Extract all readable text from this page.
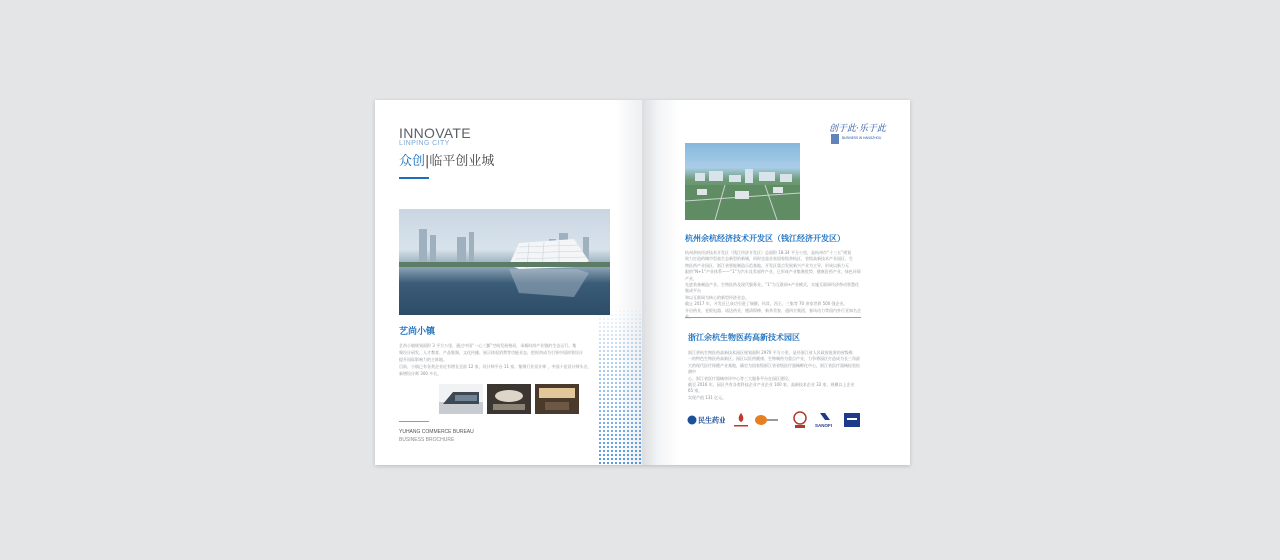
INNOVATE
LINPING CITY
众创|临平创业城
艺尚小镇
艺尚小镇规划面积 3 平方公里，通过中国“一心三翼”空间发展格局，承载时尚产业链的生态运行。集
聚设计研发、人才教育、产品集聚、文化传播、展示体验消费等功能业态，把时尚成为引领中国时装设计
提升国际影响力的主阵地。
目前，小镇已有各类企业近有增长至前 12 家，设计师平台 11 家，集聚行业设计师 ，中国十佳设计师头名，
新增设计师 300 多名。
YUHANG COMMERCE BUREAU
BUSINESS BROCHURE
创于此·乐于此
BUSINESS IN HANGZHOU
杭州余杭经济技术开发区（钱江经济开发区）
杭州余杭经济技术开发区（钱江经济开发区）总面积 18.34 平方公里，是杭州市“十三五”规划
致力打造的城市型高生态新型的新城，同时也是首家国家级余杭区、省级高新技术产业园区、生
物医药产业园区、浙江省智能制造示范基地。开发区重点发展新兴产业为主导，形成以新力无
限的“N+1”产业体系——“1”为汽车及零部件产业，已形成产业集聚优势，健康医药产业，绿色环保产业，
先进装备制造产业、生物医药及现代服务业。“1”为互联网+产业模式，实施互联网经济带动智慧化集成平台
和以互联网为核心的新型经济业态。
截止 2017 年，开发区已成功引进了瑞健、玛茸、西王、三集等 70 余家世界 500 强企业。
开启药业，老板电器，诺达药业，德清焊棒，新华美容，通四方集团，春风动力等国内外行业知名企
浙江余杭生物医药高新技术园区
浙江余杭生物医药高新技术园区规划面积 2970 平方公里，是经浙江省人民政府批准的省级唯
一的特色生物医药高新区。园区以医药健康、生物制药为重点产业，力争将园区打造成为长三角最
大的现代医疗保健产业基地，确定为国家级浙江省省级医疗器械孵化中心，浙江省医疗器械检验检测中
心、浙江省医疗器械审评中心等三大服务平台在园区建设。
截至 2016 年，园区共有各类科技企业产业企业 100 家，高新技术企业 32 家，规模以上企业 65 家，
实现产值 131 亿元。
民生药业
SANOFI
